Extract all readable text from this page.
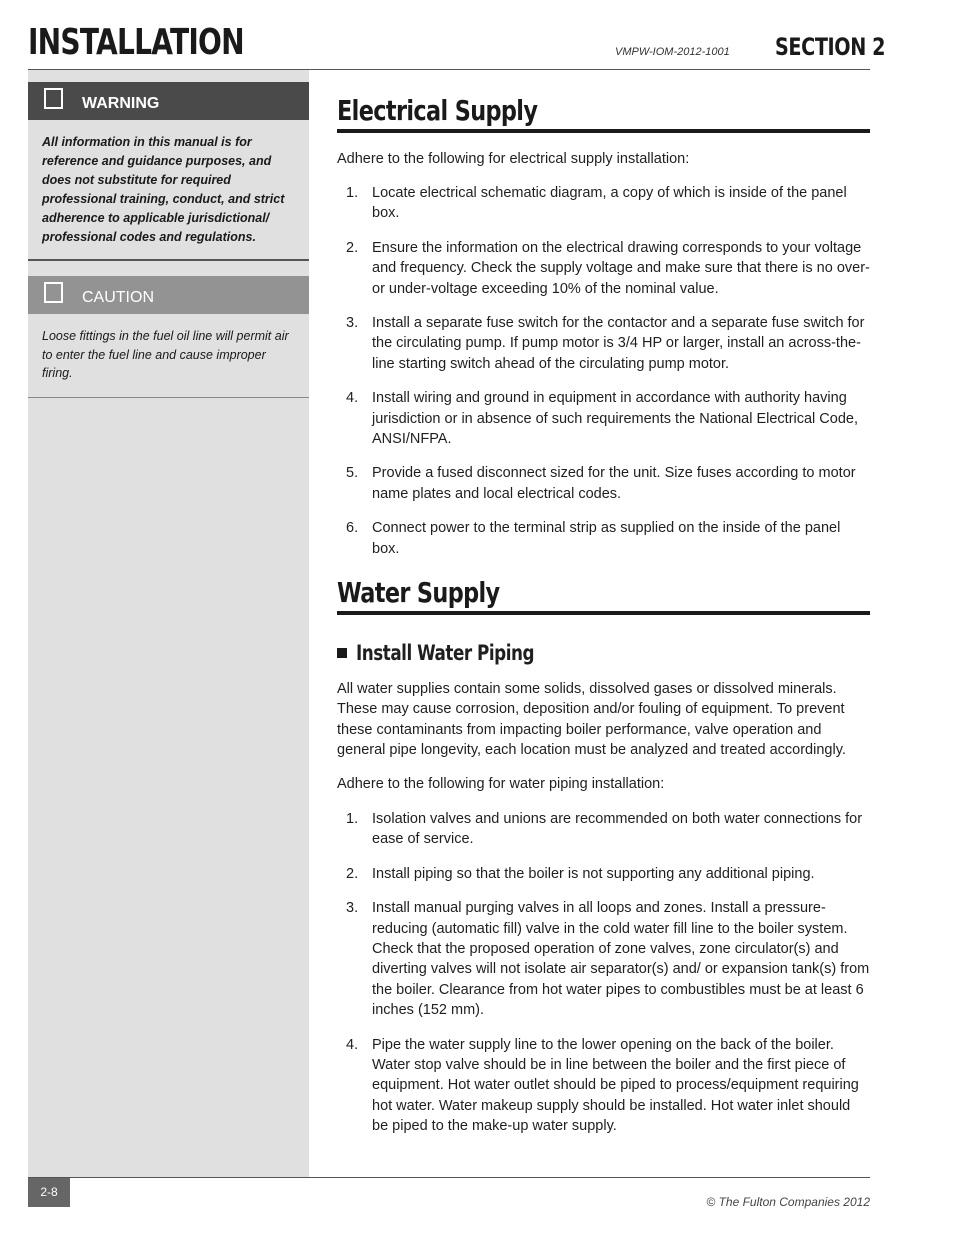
INSTALLATION	VMPW-IOM-2012-1001 SECTION 2
WARNING
All information in this manual is for reference and guidance purposes, and does not substitute for required professional training, conduct, and strict adherence to applicable jurisdictional/ professional codes and regulations.
CAUTION
Loose fittings in the fuel oil line will permit air to enter the fuel line and cause improper firing.
Electrical Supply

Adhere to the following for electrical supply installation:

1. Locate electrical schematic diagram, a copy of which is inside of the panel box.
2. Ensure the information on the electrical drawing corresponds to your voltage and frequency. Check the supply voltage and make sure that there is no over- or under-voltage exceeding 10% of the nominal value.
3. Install a separate fuse switch for the contactor and a separate fuse switch for the circulating pump. If pump motor is 3/4 HP or larger, install an across-the-line starting switch ahead of the circulating pump motor.
4. Install wiring and ground in equipment in accordance with authority having jurisdiction or in absence of such requirements the National Electrical Code, ANSI/NFPA.
5. Provide a fused disconnect sized for the unit. Size fuses according to motor name plates and local electrical codes.
6. Connect power to the terminal strip as supplied on the inside of the panel box.
Water Supply
Install Water Piping

All water supplies contain some solids, dissolved gases or dissolved minerals. These may cause corrosion, deposition and/or fouling of equipment. To prevent these contaminants from impacting boiler performance, valve operation and general pipe longevity, each location must be analyzed and treated accordingly.

Adhere to the following for water piping installation:

1. Isolation valves and unions are recommended on both water connections for ease of service.
2. Install piping so that the boiler is not supporting any additional piping.
3. Install manual purging valves in all loops and zones. Install a pressure-reducing (automatic fill) valve in the cold water fill line to the boiler system. Check that the proposed operation of zone valves, zone circulator(s) and diverting valves will not isolate air separator(s) and/ or expansion tank(s) from the boiler. Clearance from hot water pipes to combustibles must be at least 6 inches (152 mm).
4. Pipe the water supply line to the lower opening on the back of the boiler. Water stop valve should be in line between the boiler and the first piece of equipment. Hot water outlet should be piped to process/equipment requiring hot water. Water makeup supply should be installed. Hot water inlet should be piped to the make-up water supply.
2-8
© The Fulton Companies 2012
